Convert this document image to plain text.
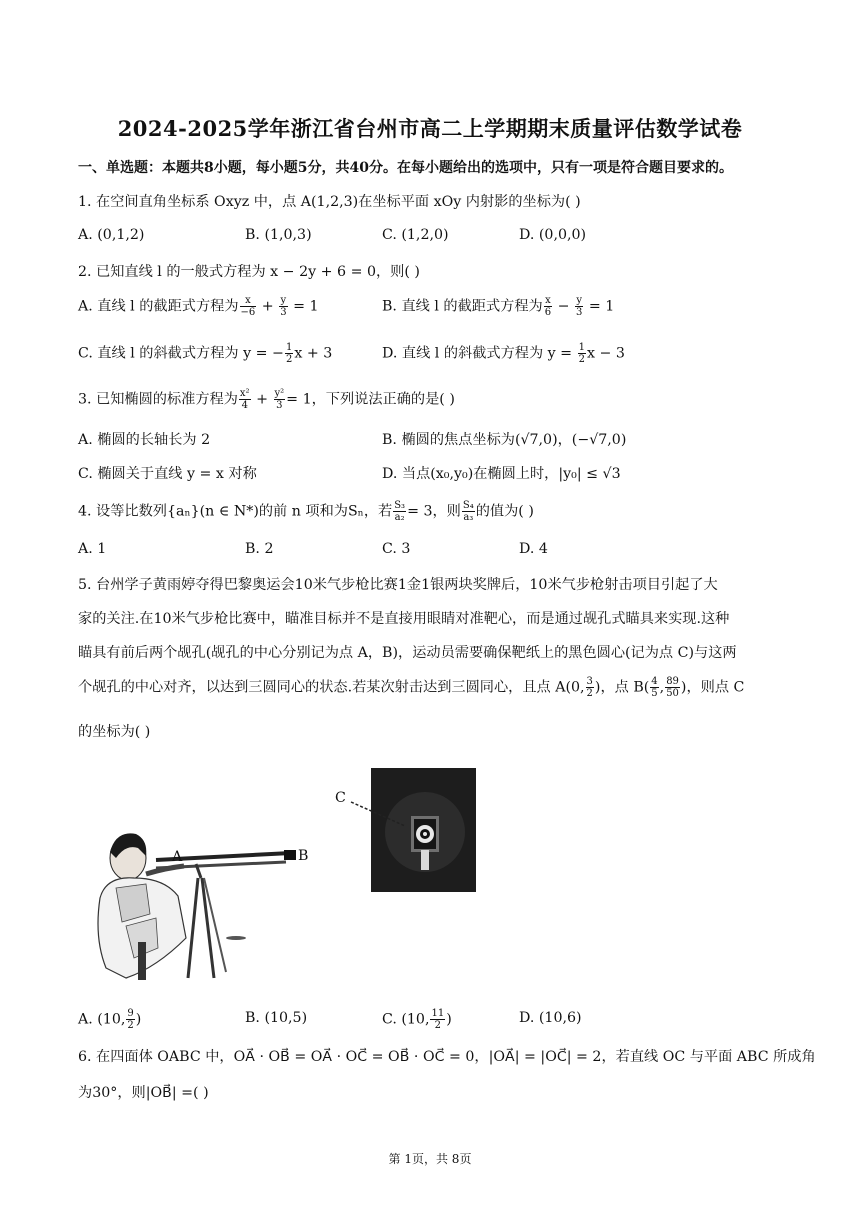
2024-2025学年浙江省台州市高二上学期期末质量评估数学试卷
一、单选题：本题共8小题，每小题5分，共40分。在每小题给出的选项中，只有一项是符合题目要求的。
1. 在空间直角坐标系 Oxyz 中，点 A(1,2,3)在坐标平面 xOy 内射影的坐标为( )
A. (0,1,2)	B. (1,0,3)	C. (1,2,0)	D. (0,0,0)
2. 已知直线 l 的一般式方程为 x − 2y + 6 = 0，则( )
A. 直线 l 的截距式方程为 $\frac{x}{-6} + \frac{y}{3} = 1$	B. 直线 l 的截距式方程为 $\frac{x}{6} - \frac{y}{3} = 1$
C. 直线 l 的斜截式方程为 y = − $\frac{1}{2}$ x + 3	D. 直线 l 的斜截式方程为 $y = \frac{1}{2}$ x − 3
3. 已知椭圆的标准方程为 $\frac{\text{x²}}{4} + \frac{\text{y²}}{3} = 1$，下列说法正确的是( )
A. 椭圆的长轴长为 2	B. 椭圆的焦点坐标为(√7,0)，(−√7,0)
C. 椭圆关于直线 y = x 对称	D. 当点(x₀,y₀)在椭圆上时，|y₀| ≤ √3
4. 设等比数列{aₙ}(n ∈ N*)的前 n 项和为Sₙ，若 $\frac{\text{S₃}}{\text{a₂}} = 3$，则 $\frac{\text{S₄}}{\text{a₃}}$ 的值为( )
A. 1	B. 2	C. 3	D. 4
5. 台州学子黄雨婷夺得巴黎奥运会10米气步枪比赛1金1银两块奖牌后，10米气步枪射击项目引起了大
家的关注.在10米气步枪比赛中，瞄准目标并不是直接用眼睛对准靶心，而是通过觇孔式瞄具来实现.这种
瞄具有前后两个觇孔(觇孔的中心分别记为点 A，B)，运动员需要确保靶纸上的黑色圆心(记为点 C)与这两
个觇孔的中心对齐，以达到三圆同心的状态.若某次射击达到三圆同心，且点 A(0, $\frac{3}{2}$ )，点 $B( \frac{4}{5}$ , $\frac{89}{50}$ )，则点 C
的坐标为( )
A	B
C
A. (10, $\frac{9}{2}$ )	B. (10,5)	C. (10, $\frac{11}{2}$ )	D. (10,6)
6. 在四面体 OABC 中，OA⃗ · OB⃗ = OA⃗ · OC⃗ = OB⃗ · OC⃗ = 0，|OA⃗| = |OC⃗| = 2，若直线 OC 与平面 ABC 所成角
为30°，则|OB⃗| =( )
第 1页，共 8页
